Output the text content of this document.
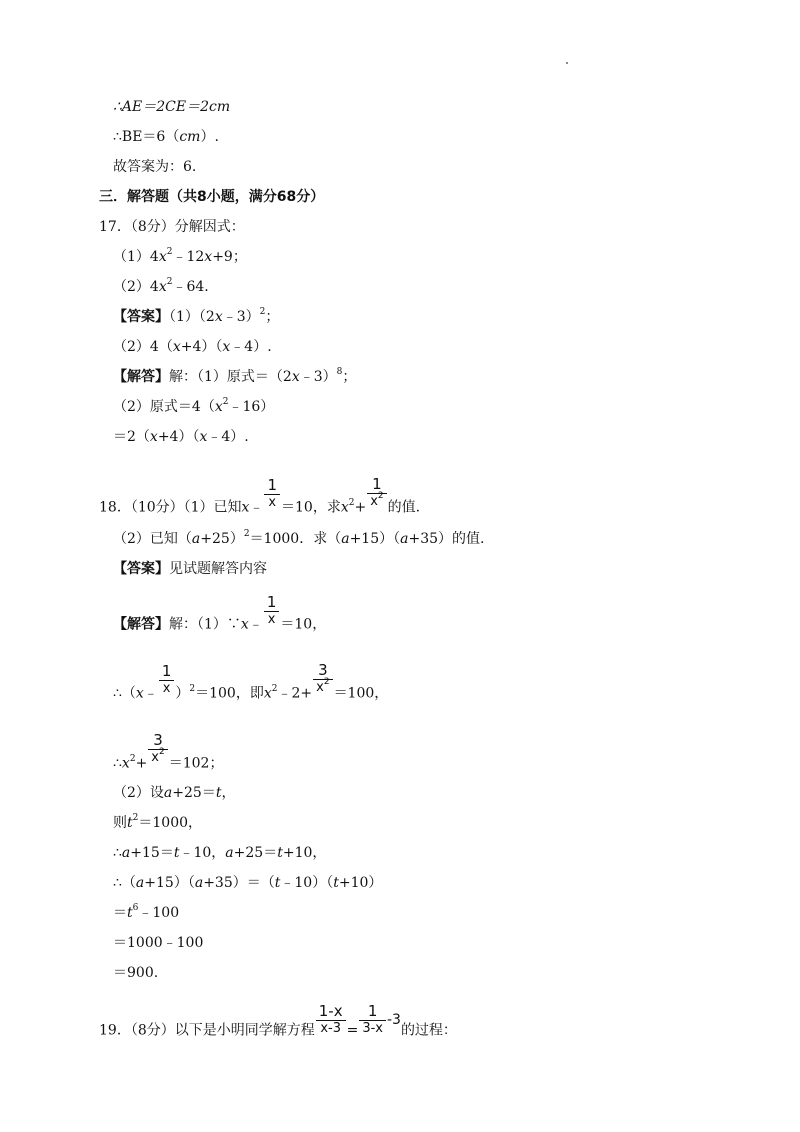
∴AE＝2CE＝2cm
∴BE＝6（cm）.
故答案为：6.
三．解答题（共8小题，满分68分）
17．（8分）分解因式：
$(1)4x^2﹣12x+9$；
$(2)4x^2﹣64$.
【答案】（1）（2x﹣3）$^2$；
（2）4（x+4）（x﹣4）.
【解答】解：（1）原式＝（2x﹣3）$^8$；
（2）原式$=4(x^2﹣16)$
＝2（x+4）（x﹣4）.
18．（10分）（1）已知x﹣ $\frac{1}{x} =10$，求$x^2+ \frac{1}{x^2}$ 的值.
（2）已知$(a+25)^2=1000$．求（a+15）（a+35）的值.
【答案】见试题解答内容
【解答】解：（1）∵x﹣ $\frac{1}{x} =10$，
∴（x﹣ $\frac{1}{x} )^2=100$，即$x^2﹣2+ \frac{3}{x^2} =100$，
$\therefore x^2+ \frac{3}{x^2} =102$；
（2）设a+25＝t，
则$t^2=1000$，
∴a+15＝t﹣10，a+25＝t+10，
∴（a+15）（a+35）＝（t﹣10）（t+10）
$=t^6﹣100$
＝1000﹣100
＝900.
19．（8分）以下是小明同学解方程 $\frac{1-x}{x-3} = \frac{1}{3-x} -3$的过程：
